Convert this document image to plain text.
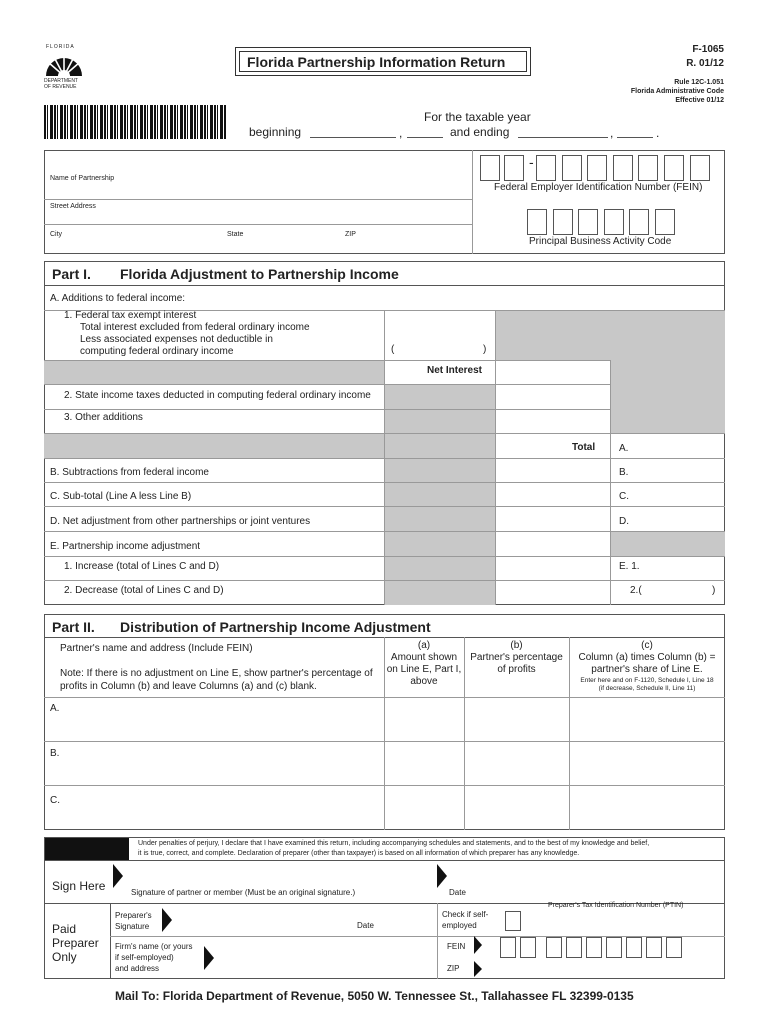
FLORIDA
DEPARTMENT
OF REVENUE
Florida Partnership Information Return
F-1065
R. 01/12
Rule 12C-1.051
Florida Administrative Code
Effective 01/12
For the taxable year
beginning	,	and ending	,	.
Name of Partnership
Street Address
City	State	ZIP
-
Federal Employer Identification Number (FEIN)
Principal Business Activity Code
Part I. Florida Adjustment to Partnership Income
A. Additions to federal income:
1. Federal tax exempt interest
Total interest excluded from federal ordinary income
Less associated expenses not deductible in
computing federal ordinary income	(	)
Net Interest
2. State income taxes deducted in computing federal ordinary income
3. Other additions
Total A.
B. Subtractions from federal income	B.
C. Sub-total (Line A less Line B)	C.
D. Net adjustment from other partnerships or joint ventures	D.
E. Partnership income adjustment
1. Increase (total of Lines C and D)	E. 1.
2. Decrease (total of Lines C and D)	2.(	)
Part II. Distribution of Partnership Income Adjustment
Partner's name and address (Include FEIN)
Note: If there is no adjustment on Line E, show partner's percentage of
profits in Column (b) and leave Columns (a) and (c) blank.
(a)
Amount shown
on Line E, Part I,
above
(b)
Partner's percentage
of profits
(c)
Column (a) times Column (b) =
partner's share of Line E.
Enter here and on F-1120, Schedule I, Line 18
(if decrease, Schedule II, Line 11)
A.
B.
C.
Under penalties of perjury, I declare that I have examined this return, including accompanying schedules and statements, and to the best of my knowledge and belief,
it is true, correct, and complete. Declaration of preparer (other than taxpayer) is based on all information of which preparer has any knowledge.
Sign Here	Signature of partner or member (Must be an original signature.)	Date
Paid
Preparer
Only
Preparer's
Signature	Date
Check if self-
employed
Preparer's Tax Identification Number (PTIN)
Firm's name (or yours
if self-employed)
and address
FEIN
ZIP
Mail To: Florida Department of Revenue, 5050 W. Tennessee St., Tallahassee FL 32399-0135
